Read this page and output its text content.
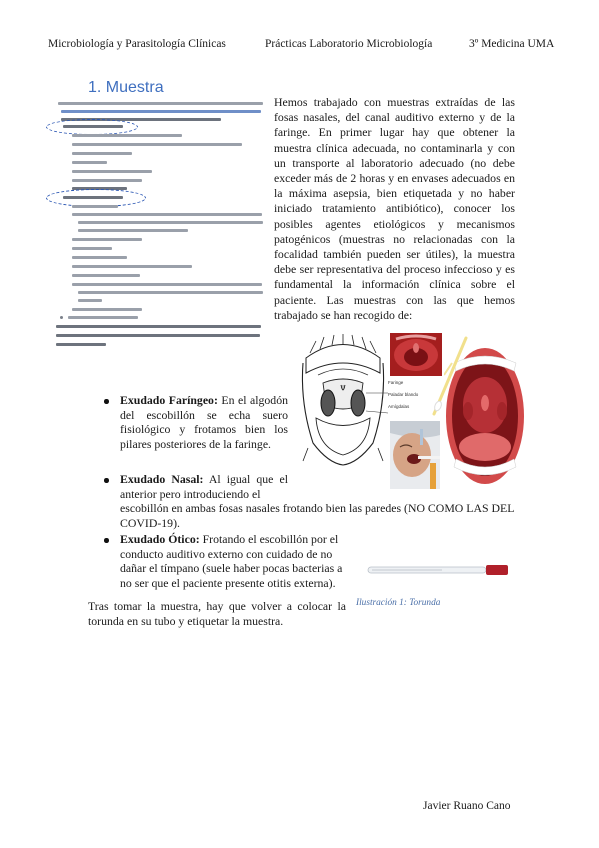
Microbiología y Parasitología Clínicas	Prácticas Laboratorio Microbiología	3º Medicina UMA
1. Muestra
Hemos trabajado con muestras extraídas de las fosas nasales, del canal auditivo externo y de la faringe. En primer lugar hay que obtener la muestra clínica adecuada, no contaminarla y con un transporte al laboratorio adecuado (no debe exceder más de 2 horas y en envases adecuados en la máxima asepsia, bien etiquetada y no haber iniciado tratamiento antibiótico), conocer los posibles agentes etiológicos y mecanismos patogénicos (muestras no relacionadas con la focalidad también pueden ser útiles), la muestra debe ser representativa del proceso infeccioso y es fundamental la información clínica sobre el paciente. Las muestras con las que hemos trabajado se han recogido de:
Faringe
Paladar blando
Amígdalas
Exudado Faríngeo: En el algodón del escobillón se echa suero fisiológico y frotamos bien los pilares posteriores de la faringe.
Exudado Nasal: Al igual que el anterior pero introduciendo el
escobillón en ambas fosas nasales frotando bien las paredes (NO COMO LAS DEL COVID-19).
Exudado Ótico: Frotando el escobillón por el conducto auditivo externo con cuidado de no dañar el tímpano (suele haber pocas bacterias a no ser que el paciente presente otitis externa).
Ilustración 1: Torunda
Tras tomar la muestra, hay que volver a colocar la torunda en su tubo y etiquetar la muestra.
Javier Ruano Cano
